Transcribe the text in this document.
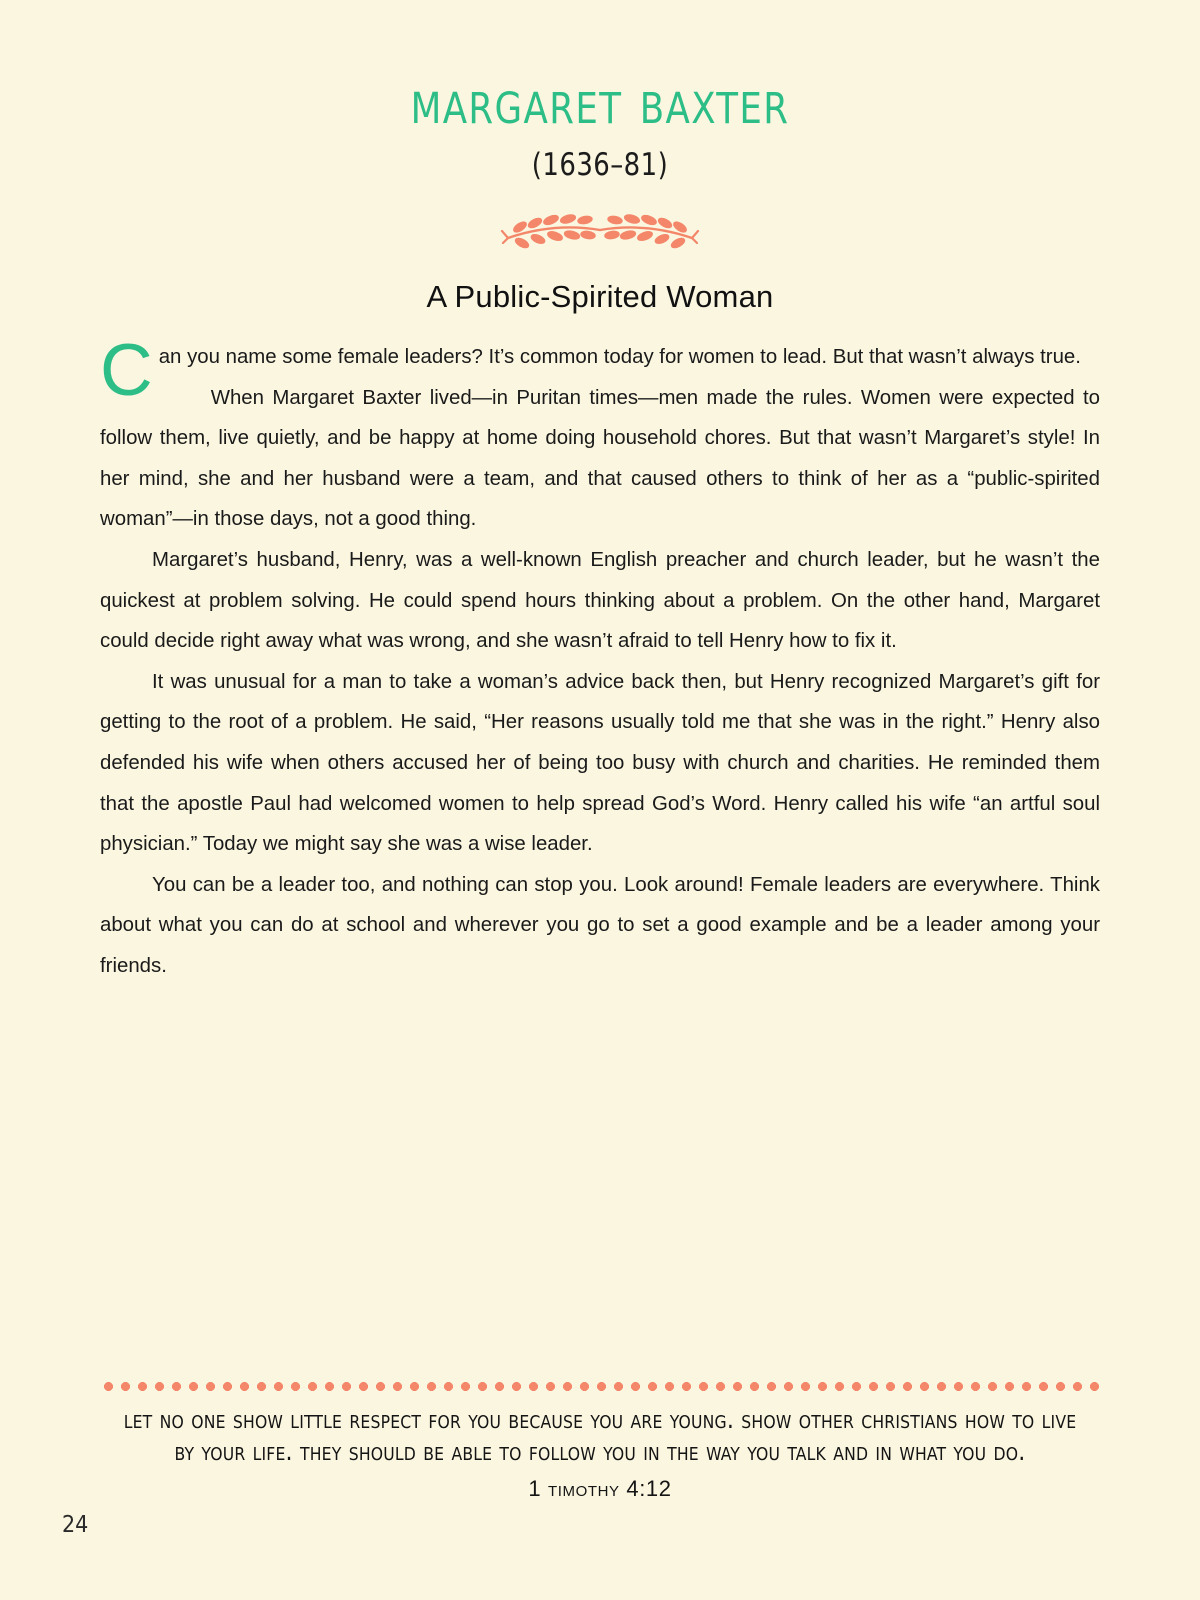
margaret baxter
(1636–81)
A Public-Spirited Woman

Can you name some female leaders? It’s common today for women to lead. But that wasn’t always true.

When Margaret Baxter lived—in Puritan times—men made the rules. Women were expected to follow them, live quietly, and be happy at home doing household chores. But that wasn’t Margaret’s style! In her mind, she and her husband were a team, and that caused others to think of her as a “public-spirited woman”—in those days, not a good thing.

Margaret’s husband, Henry, was a well-known English preacher and church leader, but he wasn’t the quickest at problem solving. He could spend hours thinking about a problem. On the other hand, Margaret could decide right away what was wrong, and she wasn’t afraid to tell Henry how to fix it.

It was unusual for a man to take a woman’s advice back then, but Henry recognized Margaret’s gift for getting to the root of a problem. He said, “Her reasons usually told me that she was in the right.” Henry also defended his wife when others accused her of being too busy with church and charities. He reminded them that the apostle Paul had welcomed women to help spread God’s Word. Henry called his wife “an artful soul physician.” Today we might say she was a wise leader.

You can be a leader too, and nothing can stop you. Look around! Female leaders are everywhere. Think about what you can do at school and wherever you go to set a good example and be a leader among your friends.

let no one show little respect for you because you are young. show other christians how to live by your life. they should be able to follow you in the way you talk and in what you do.
1 timothy 4:12
24
